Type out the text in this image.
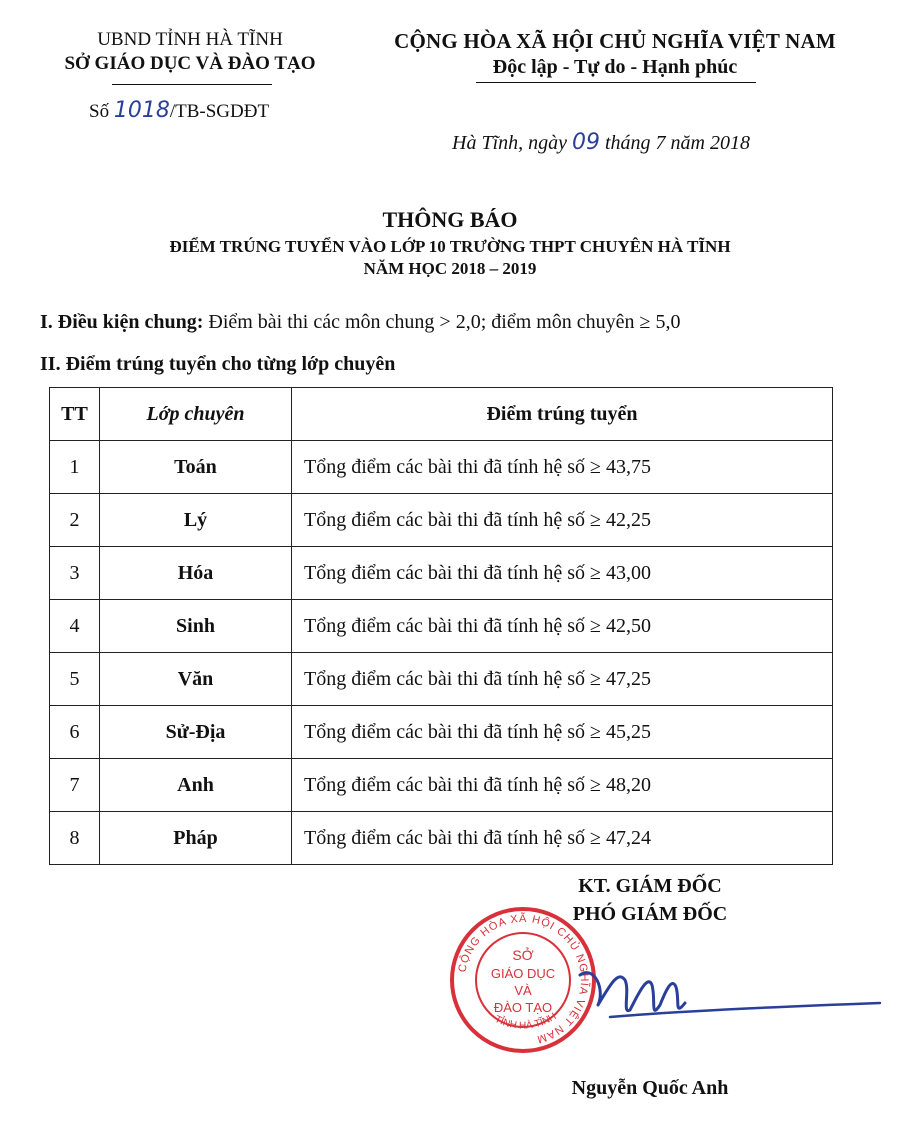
UBND TỈNH HÀ TĨNH
SỞ GIÁO DỤC VÀ ĐÀO TẠO
Số 1018/TB-SGDĐT
CỘNG HÒA XÃ HỘI CHỦ NGHĨA VIỆT NAM
Độc lập - Tự do - Hạnh phúc
Hà Tĩnh, ngày 09 tháng 7 năm 2018
THÔNG BÁO
ĐIỂM TRÚNG TUYỂN VÀO LỚP 10 TRƯỜNG THPT CHUYÊN HÀ TĨNH
NĂM HỌC 2018 – 2019
I. Điều kiện chung: Điểm bài thi các môn chung > 2,0; điểm môn chuyên ≥ 5,0
II. Điểm trúng tuyển cho từng lớp chuyên
TT	Lớp chuyên	Điểm trúng tuyển
1	Toán	Tổng điểm các bài thi đã tính hệ số ≥ 43,75
2	Lý	Tổng điểm các bài thi đã tính hệ số ≥ 42,25
3	Hóa	Tổng điểm các bài thi đã tính hệ số ≥ 43,00
4	Sinh	Tổng điểm các bài thi đã tính hệ số ≥ 42,50
5	Văn	Tổng điểm các bài thi đã tính hệ số ≥ 47,25
6	Sử-Địa	Tổng điểm các bài thi đã tính hệ số ≥ 45,25
7	Anh	Tổng điểm các bài thi đã tính hệ số ≥ 48,20
8	Pháp	Tổng điểm các bài thi đã tính hệ số ≥ 47,24
KT. GIÁM ĐỐC
PHÓ GIÁM ĐỐC
CỘNG HÒA XÃ HỘI CHỦ NGHĨA VIỆT NAM
TỈNH HÀ TĨNH
SỞ
GIÁO DỤC
VÀ
ĐÀO TẠO
Nguyễn Quốc Anh
